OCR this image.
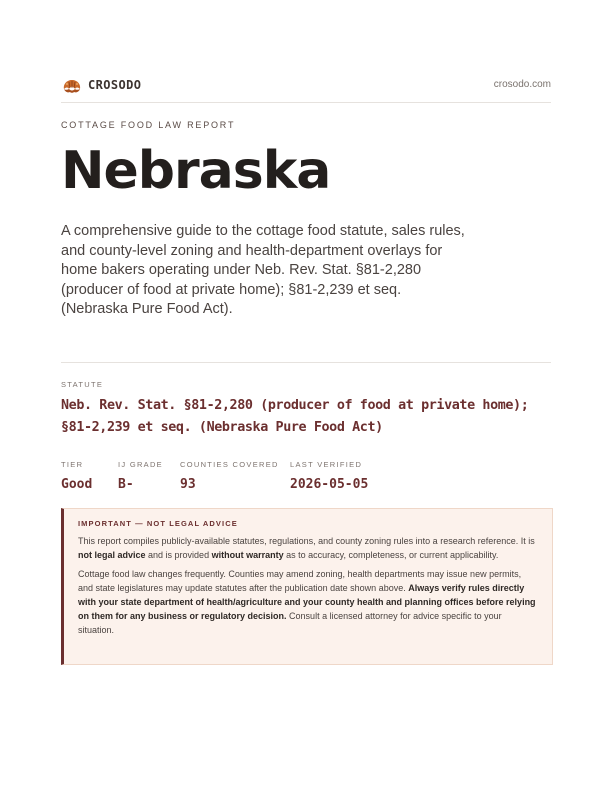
CROSODO	crosodo.com
COTTAGE FOOD LAW REPORT
Nebraska
A comprehensive guide to the cottage food statute, sales rules, and county-level zoning and health-department overlays for home bakers operating under Neb. Rev. Stat. §81-2,280 (producer of food at private home); §81-2,239 et seq. (Nebraska Pure Food Act).
STATUTE
Neb. Rev. Stat. §81-2,280 (producer of food at private home); §81-2,239 et seq. (Nebraska Pure Food Act)
TIER
Good
IJ GRADE
B-
COUNTIES COVERED
93
LAST VERIFIED
2026-05-05
IMPORTANT — NOT LEGAL ADVICE

This report compiles publicly-available statutes, regulations, and county zoning rules into a research reference. It is not legal advice and is provided without warranty as to accuracy, completeness, or current applicability.

Cottage food law changes frequently. Counties may amend zoning, health departments may issue new permits, and state legislatures may update statutes after the publication date shown above. Always verify rules directly with your state department of health/agriculture and your county health and planning offices before relying on them for any business or regulatory decision. Consult a licensed attorney for advice specific to your situation.
